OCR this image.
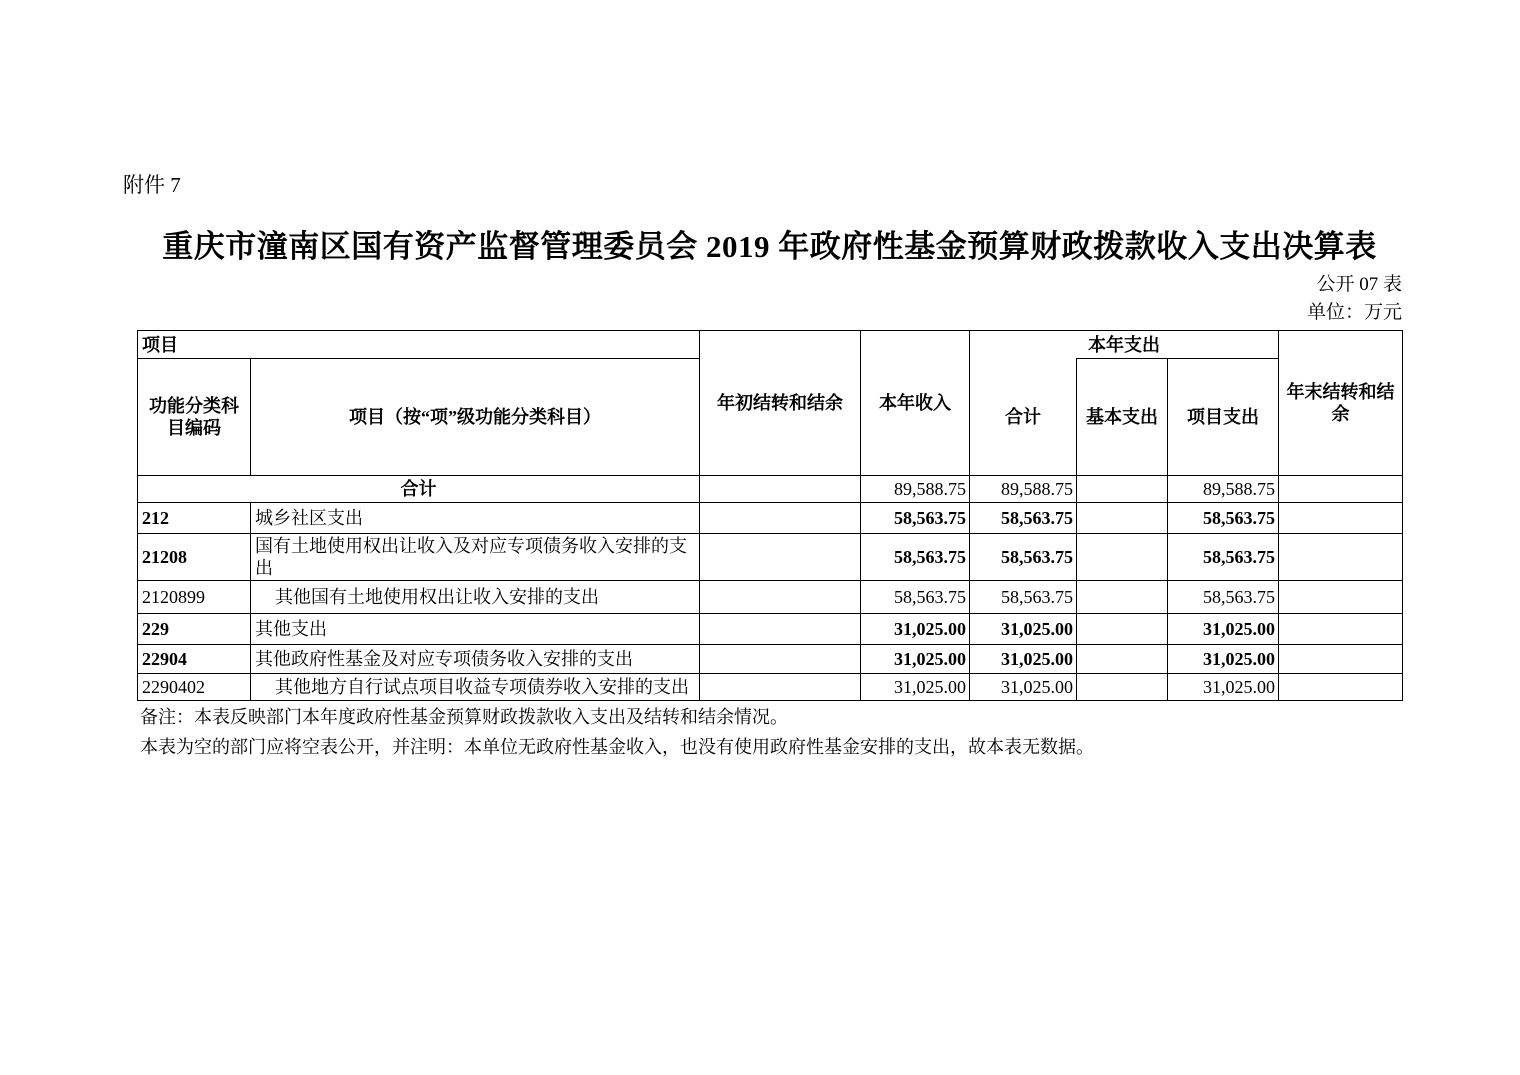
附件 7
重庆市潼南区国有资产监督管理委员会 2019 年政府性基金预算财政拨款收入支出决算表
公开 07 表
单位：万元
项目		年初结转和结余	本年收入	本年支出			年末结转和结余
功能分类科目编码	项目（按“项”级功能分类科目）			合计	基本支出	项目支出	
合计			89,588.75	89,588.75		89,588.75	
212	城乡社区支出		58,563.75	58,563.75		58,563.75	
21208	国有土地使用权出让收入及对应专项债务收入安排的支出		58,563.75	58,563.75		58,563.75	
2120899	其他国有土地使用权出让收入安排的支出		58,563.75	58,563.75		58,563.75	
229	其他支出		31,025.00	31,025.00		31,025.00	
22904	其他政府性基金及对应专项债务收入安排的支出		31,025.00	31,025.00		31,025.00	
2290402	其他地方自行试点项目收益专项债券收入安排的支出		31,025.00	31,025.00		31,025.00	

备注：本表反映部门本年度政府性基金预算财政拨款收入支出及结转和结余情况。

本表为空的部门应将空表公开，并注明：本单位无政府性基金收入，也没有使用政府性基金安排的支出，故本表无数据。
